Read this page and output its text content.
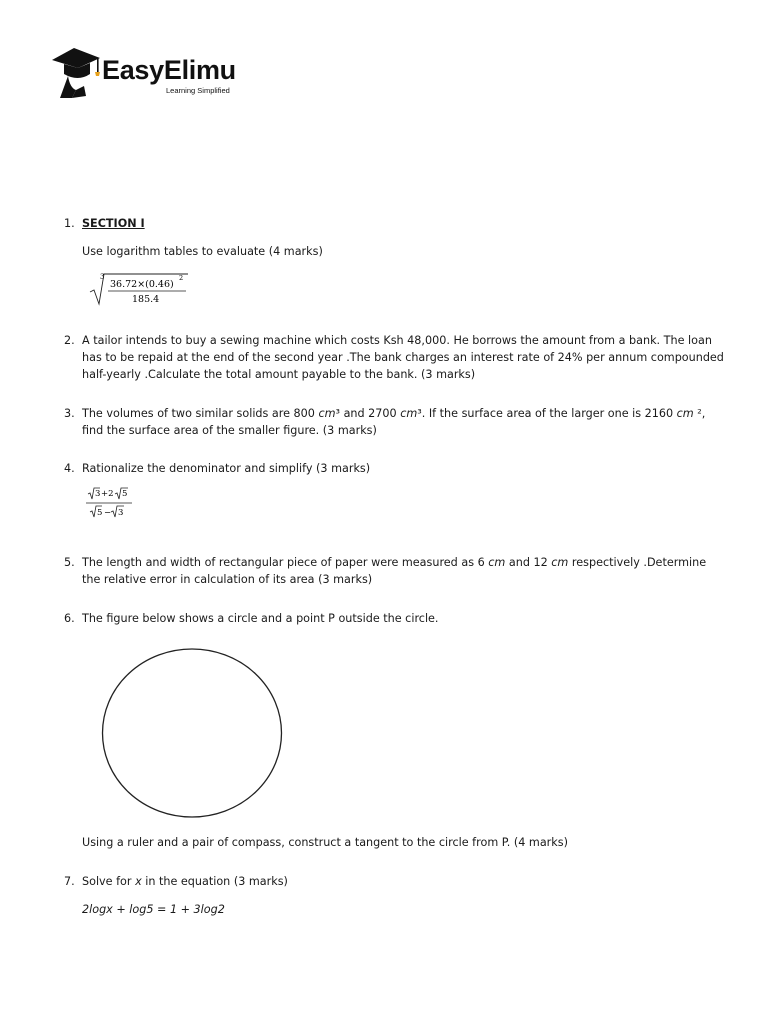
EasyElimu
Learning Simplified
1. SECTION I

Use logarithm tables to evaluate (4 marks)

3
36.72×(0.46)
2
185.4
2. A tailor intends to buy a sewing machine which costs Ksh 48,000. He borrows the amount from a bank. The loan has to be repaid at the end of the second year .The bank charges an interest rate of 24% per annum compounded half-yearly .Calculate the total amount payable to the bank. (3 marks)

3. The volumes of two similar solids are 800 cm³ and 2700 cm³. If the surface area of the larger one is 2160 cm ², find the surface area of the smaller figure. (3 marks)

4. Rationalize the denominator and simplify (3 marks)

3 +2 5
5 − 3
5. The length and width of rectangular piece of paper were measured as 6 cm and 12 cm respectively .Determine the relative error in calculation of its area (3 marks)

6. The figure below shows a circle and a point P outside the circle.

Using a ruler and a pair of compass, construct a tangent to the circle from P. (4 marks)

7. Solve for x in the equation (3 marks)

2logx + log5 = 1 + 3log2
